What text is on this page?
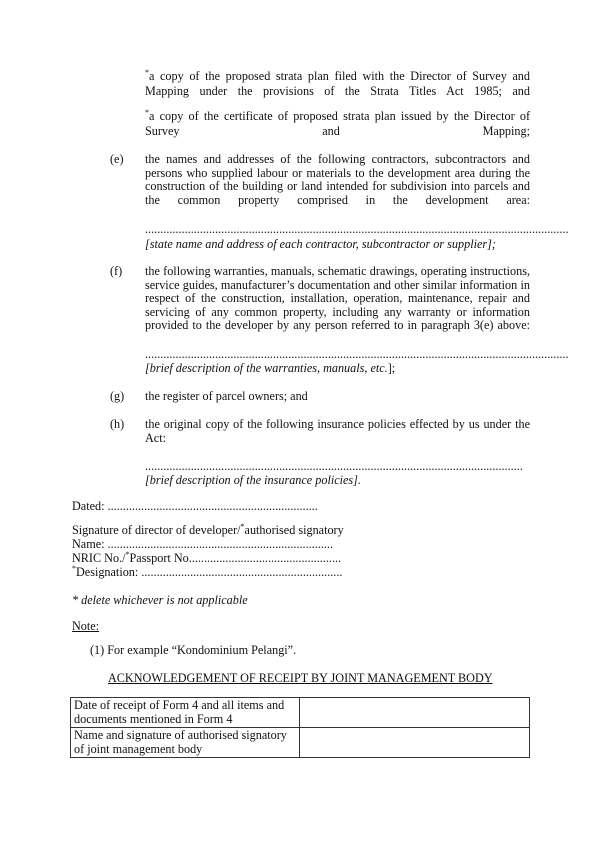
*a copy of the proposed strata plan filed with the Director of Survey and Mapping under the provisions of the Strata Titles Act 1985; and
*a copy of the certificate of proposed strata plan issued by the Director of Survey and Mapping;
(e) the names and addresses of the following contractors, subcontractors and persons who supplied labour or materials to the development area during the construction of the building or land intended for subdivision into parcels and the common property comprised in the development area:
...........................................................................................................................................
[state name and address of each contractor, subcontractor or supplier];
(f) the following warranties, manuals, schematic drawings, operating instructions, service guides, manufacturer’s documentation and other similar information in respect of the construction, installation, operation, maintenance, repair and servicing of any common property, including any warranty or information provided to the developer by any person referred to in paragraph 3(e) above:
...........................................................................................................................................
[brief description of the warranties, manuals, etc.];
(g) the register of parcel owners; and
(h) the original copy of the following insurance policies effected by us under the Act:
............................................................................................................................
[brief description of the insurance policies].
Dated: .....................................................................
Signature of director of developer/*authorised signatory
Name: ..........................................................................
NRIC No./*Passport No..................................................
*Designation: ..................................................................
* delete whichever is not applicable
Note:
(1) For example “Kondominium Pelangi”.
ACKNOWLEDGEMENT OF RECEIPT BY JOINT MANAGEMENT BODY
Date of receipt of Form 4 and all items and documents mentioned in Form 4	
Name and signature of authorised signatory of joint management body	
